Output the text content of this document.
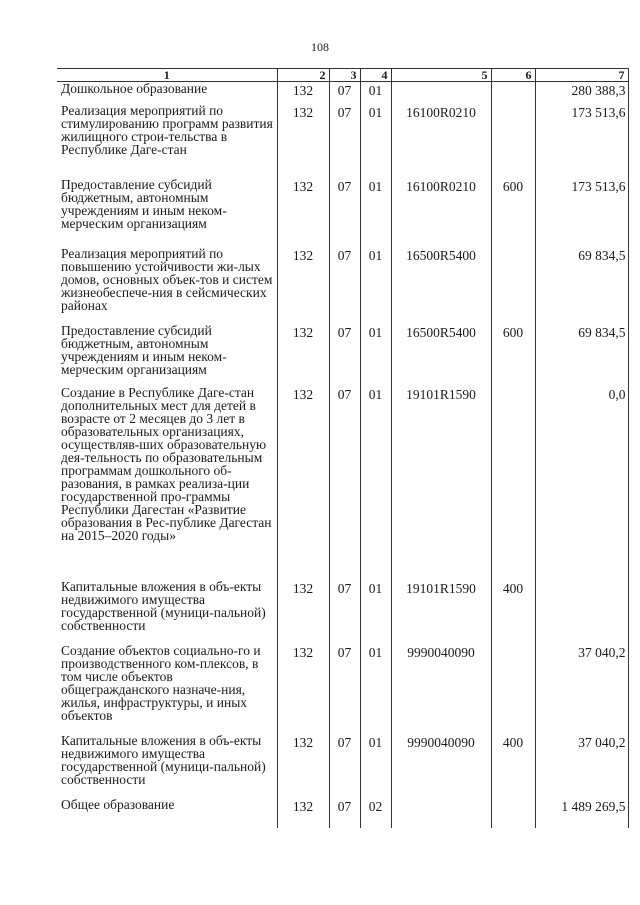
108
1	2	3	4	5	6	7
Дошкольное образование	132	07	01			280 388,3
Реализация мероприятий по стимулированию программ развития жилищного строи-тельства в Республике Даге-стан	132	07	01	16100R0210		173 513,6
Предоставление субсидий бюджетным, автономным учреждениям и иным неком-мерческим организациям	132	07	01	16100R0210	600	173 513,6
Реализация мероприятий по повышению устойчивости жи-лых домов, основных объек-тов и систем жизнеобеспече-ния в сейсмических районах	132	07	01	16500R5400		69 834,5
Предоставление субсидий бюджетным, автономным учреждениям и иным неком-мерческим организациям	132	07	01	16500R5400	600	69 834,5
Создание в Республике Даге-стан дополнительных мест для детей в возрасте от 2 месяцев до 3 лет в образовательных организациях, осуществляв-ших образовательную дея-тельность по образовательным программам дошкольного об-разования, в рамках реализа-ции государственной про-граммы Республики Дагестан «Развитие образования в Рес-публике Дагестан на 2015–2020 годы»	132	07	01	19101R1590		0,0
Капитальные вложения в объ-екты недвижимого имущества государственной (муници-пальной) собственности	132	07	01	19101R1590	400	
Создание объектов социально-го и производственного ком-плексов, в том числе объектов общегражданского назначе-ния, жилья, инфраструктуры, и иных объектов	132	07	01	9990040090		37 040,2
Капитальные вложения в объ-екты недвижимого имущества государственной (муници-пальной) собственности	132	07	01	9990040090	400	37 040,2
Общее образование	132	07	02			1 489 269,5
